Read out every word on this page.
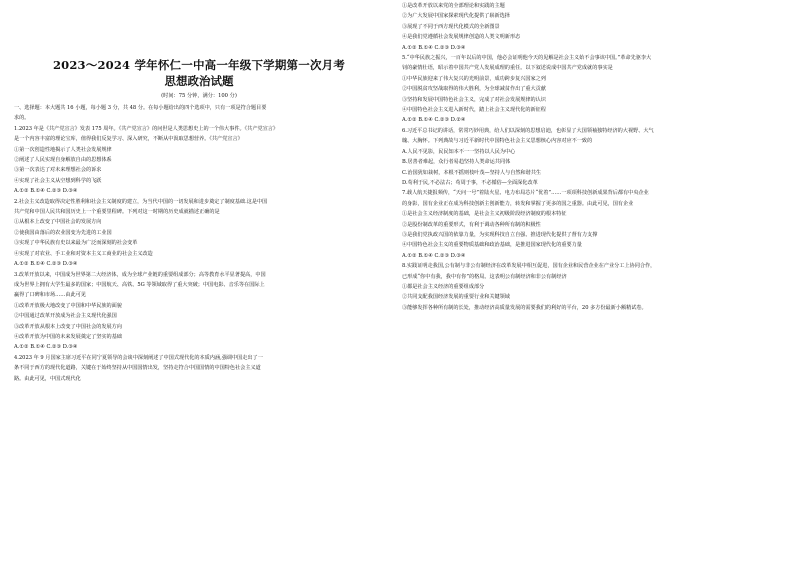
2023～2024 学年怀仁一中高一年级下学期第一次月考
思想政治试题
(时间：75 分钟，满分：100 分)

一、选择题：本大题共 16 小题，每小题 3 分，共 48 分。在每小题给出的四个选项中，只有一项是符合题目要

求的。

1.2023 年是《共产党宣言》发表 175 周年。《共产党宣言》的问世是人类思想史上的一个伟大事件。《共产党宣言》

是一个内容丰富的理论宝库，值得我们反复学习、深入研究，不断从中汲取思想营养。《共产党宣言》

①第一次创造性地揭示了人类社会发展规律

②阐述了人民实现自身解放自由的思想体系

③第一次表达了对未来理想社会的诉求

④实现了社会主义从空想到科学的飞跃

A.①② B.①④ C.②③ D.③④

2.社会主义改造取得决定性胜利和社会主义制度的建立，为当代中国的一切发展和进步奠定了制度基础.这是中国

共产党和中国人民共和国历史上一个重要里程碑。下列对这一时期的历史成就描述正确的是

①从根本上改变了中国社会的发展方向

②使我国由落后的农业国变为先进的工业国

③实现了中华民族有史以来最为广泛而深刻的社会变革

④实现了对农业、手工业和对资本主义工商业的社会主义改造

A.①② B.①④ C.②③ D.③④

3.改革开放以来，中国成为世界第二大经济体，成为全球产业链的重要组成部分；高等教育水平显著提高，中国

成为世界上拥有大学生最多的国家；中国航天、高铁、5G 等领域取得了重大突破；中国电影、音乐等在国际上

赢得了口碑和市场……由此可见

①改革开放极大地改变了中国和中华民族的面貌

②中国通过改革开放成为社会主义现代化强国

③改革开放从根本上改变了中国社会的发展方向

④改革开放为中国的未来发展奠定了坚实的基础

A.①② B.①④ C.②③ D.③④

4.2023 年 9 月国家主席习近平在同宁夏领导的会谈中深刻阐述了中国式现代化的本质内涵,强调中国走出了一

条不同于西方的现代化道路，关键在于始终坚持从中国国情出发，坚持走符合中国国情的中国特色社会主义道

路。由此可见，中国式现代化

①是改革开放以来党的全部理论和实践的主题

②为广大发展中国家探索现代化提供了崭新选择

③展现了不同于西方现代化模式的全新图景

④是我们党遵循社会发展规律创造的人类文明新形态

A.①② B.①④ C.②③ D.③④

5.“中华民族之振兴，一百年以后的中国，他必会证明他今天的见解是社会主义始不会事该中国。”革命先驱李大

钊的豪情壮语，昭示着中国共产党人发展成理的重任。以下叙述说成中国共产党成就的事实是

①中华民族迎来了伟大复兴的光明前景，成功跨步复兴国家之列

②中国脱贫攻坚战取得的伟大胜利，为全球减贫作出了重大贡献

③坚持和发展中国特色社会主义，完成了对社会发展规律的认识

④中国特色社会主义进入新时代，踏上社会主义现代化的新征程

A.①② B.①④ C.②③ D.②④

6.习近平总书记的讲话，常常巧妙用典，给人们以深刻的思想启迪，也彰显了大国领袖独特经济的大视野、大气

魄、大胸怀。下列典故与习近平新时代中国特色社会主义思想核心内容对应不一致的

A.人民不见影，民民知本不一一坚持以人民为中心

B.居善者难起，众行者易趋坚持人类命运共同体

C.治国犹如栽树，本根不摇则枝叶茂—坚持人与自然和谐共生

D.苟利于民,不必法古；苟周于事，不必循俗—全面深化改革

7.载人航天捷报频传，“天问一号”着陆火星、电力布局芯片“优着”……一项项科技创新成果背后都有中央企业

的身影，国有企业正在成为科技创新主创新能力，转发和掌握了更多的国之重器。由此可见，国有企业

①是社会主义经济制度的基础，是社会主义初级阶段经济制度的根本特征

②是股份制改革的重要形式，有利于调动各种所有制的积极性

③是我们党执政兴国的依靠力量，为实现科技自立自强、推进现代化提供了督有力支撑

④中国特色社会主义的重要物质基础和政治基础，是推进国家现代化的重要力量

A.①② B.①④ C.②③ D.③④

8.实践证明走我国,公有制与非公有制经济在改革发展中相互促进，国有企业和民营企业在产业分工上协同合作，

已形成“你中有我，我中有你”的格局。这表明公有制经济和非公有制经济

①都是社会主义经济的重要组成部分

②共同支配我国经济发展的重要行业和关键领域

③能够发挥各种所有制的长处，推动经济高质量发展的需要我们的利好的平台，20 多方份最新小额精试卷。
